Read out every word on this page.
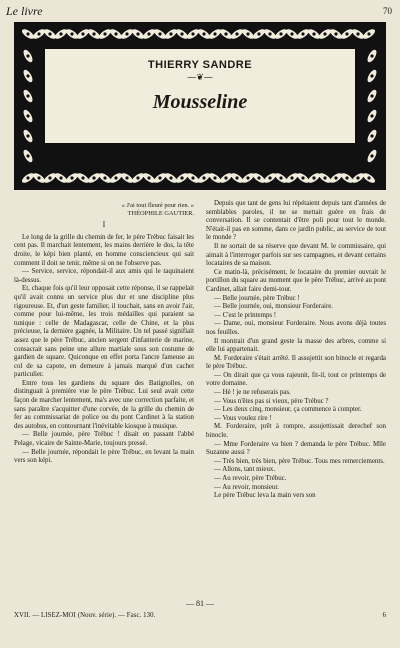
Le livre	70
THIERRY SANDRE
—❦—
Mousseline
« J'ai tout fleuré pour rien. »
THÉOPHILE GAUTIER.
I

Le long de la grille du chemin de fer, le père Trébuc faisait les cent pas. Il marchait lentement, les mains derrière le dos, la tête droite, le képi bien planté, en homme consciencieux qui sait comment il doit se tenir, même si on ne l'observe pas.

— Service, service, répondait-il aux amis qui le taquinaient là-dessus.

Et, chaque fois qu'il leur opposait cette réponse, il se rappelait qu'il avait connu un service plus dur et une discipline plus rigoureuse. Et, d'un geste familier, il touchait, sans en avoir l'air, comme pour lui-même, les trois médailles qui paraient sa tunique : celle de Madagascar, celle de Chine, et la plus précieuse, la dernière gagnée, la Militaire. Un tel passé signifiait assez que le père Trébuc, ancien sergent d'infanterie de marine, consacrait sans peine une allure martiale sous son costume de gardien de square. Quiconque en effet porta l'ancre fameuse au col de sa capote, en demeure à jamais marqué d'un cachet particulier.

Entre tous les gardiens du square des Batignolles, on distinguait à première vue le père Trébuc. Lui seul avait cette façon de marcher lentement, ma's avec une correction parfaite, et sans paraître s'acquitter d'une corvée, de la grille du chemin de fer au commissariat de police ou du pont Cardinet à la station des autobus, en contournant l'inévitable kiosque à musique.

— Belle journée, père Trébuc ! disait en passant l'abbé Pelage, vicaire de Sainte-Marie, toujours pressé.

— Belle journée, répondait le père Trébuc, en levant la main vers son képi.

Depuis que tant de gens lui répétaient depuis tant d'années de semblables paroles, il ne se mettait guère en frais de conversation. Il se contentait d'être poli pour tout le monde. N'était-il pas en somme, dans ce jardin public, au service de tout le monde ?

Il ne sortait de sa réserve que devant M. le commissaire, qui aimait à l'interroger parfois sur ses campagnes, et devant certains locataires de sa maison.

Ce matin-là, précisément, le locataire du premier ouvrait le portillon du square au moment que le père Trébuc, arrivé au pont Cardinet, allait faire demi-tour.

— Belle journée, père Trébuc !

— Belle journée, oui, monsieur Forderaire.

— C'est le printemps !

— Dame, oui, monsieur Forderaire. Nous avons déjà toutes nos feuilles.

Il montrait d'un grand geste la masse des arbres, comme si elle lui appartenait.

M. Forderaire s'était arrêté. Il assujettit son binocle et regarda le père Trébuc.

— On dirait que ça vous rajeunit, fit-il, tout ce printemps de votre domaine.

— Hé ! je ne refuserais pas.

— Vous n'êtes pas si vieux, père Trébuc ?

— Les deux cinq, monsieur, ça commence à compter.

— Vous voulez rire !

M. Forderaire, prêt à rompre, assujettissait derechef son binocle.

— Mme Forderaire va bien ? demanda le père Trébuc. Mlle Suzanne aussi ?

— Très bien, très bien, père Trébuc. Tous mes remerciements.

— Allons, tant mieux.

— Au revoir, père Trébuc.

— Au revoir, monsieur.

Le père Trébuc leva la main vers son

— 81 —
XVII. — LISEZ-MOI (Nouv. série). — Fasc. 130.	6
